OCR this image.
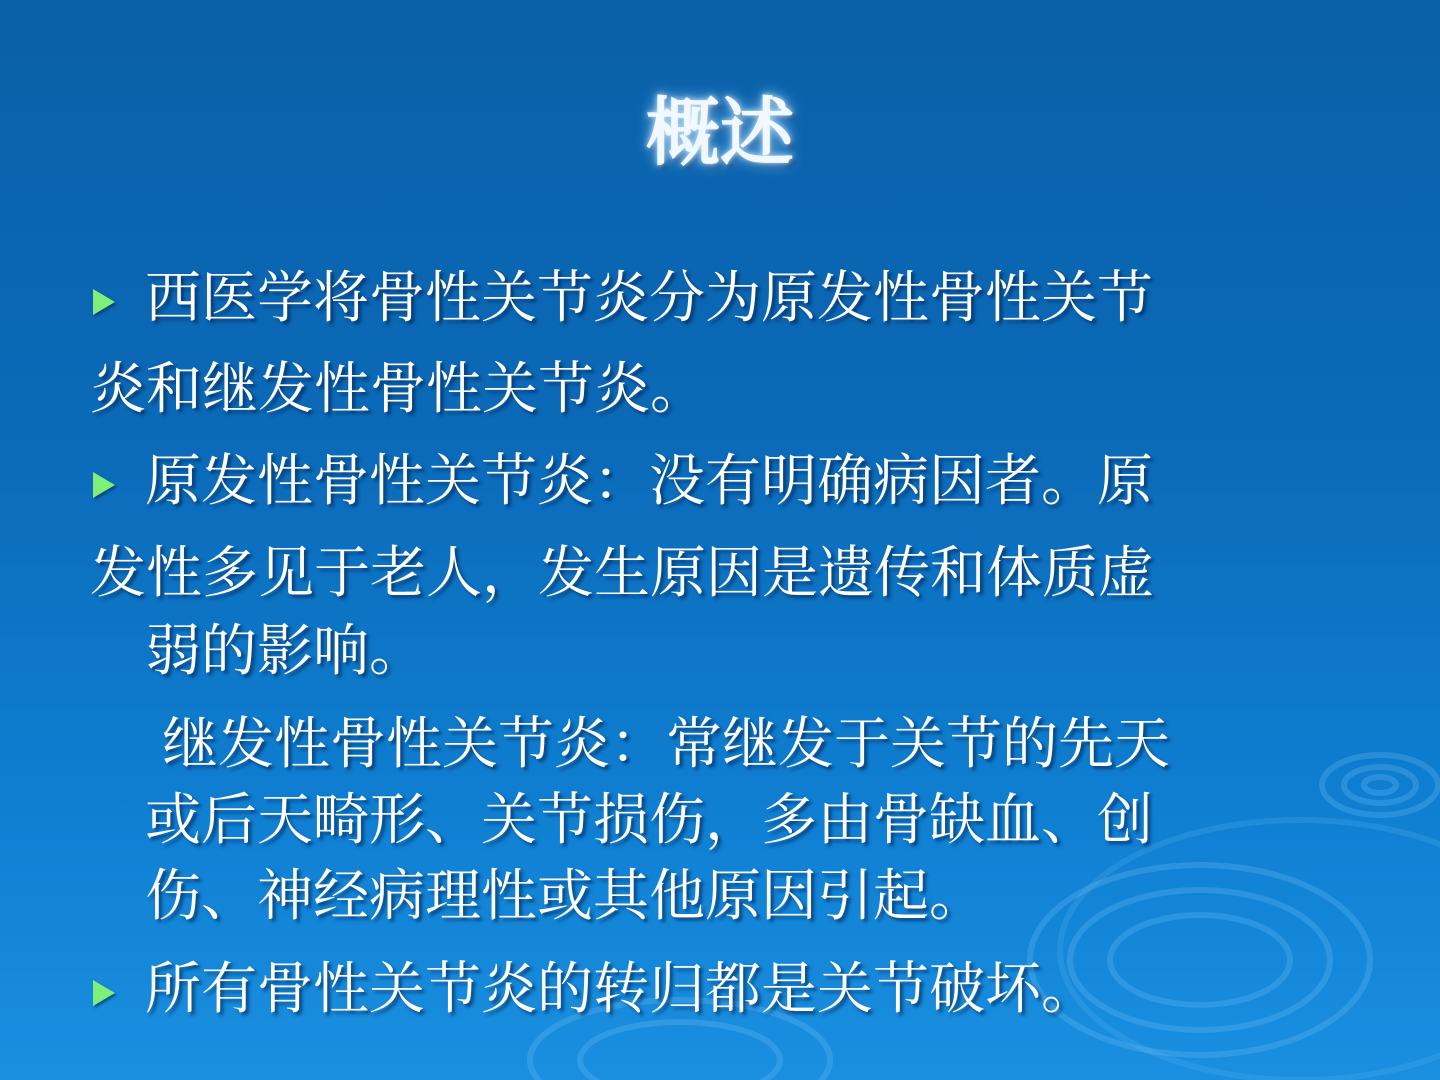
概述
西医学将骨性关节炎分为原发性骨性关节
炎和继发性骨性关节炎。
原发性骨性关节炎：没有明确病因者。原
发性多见于老人，发生原因是遗传和体质虚
弱的影响。
继发性骨性关节炎：常继发于关节的先天
或后天畸形、关节损伤，多由骨缺血、创
伤、神经病理性或其他原因引起。
所有骨性关节炎的转归都是关节破坏。
